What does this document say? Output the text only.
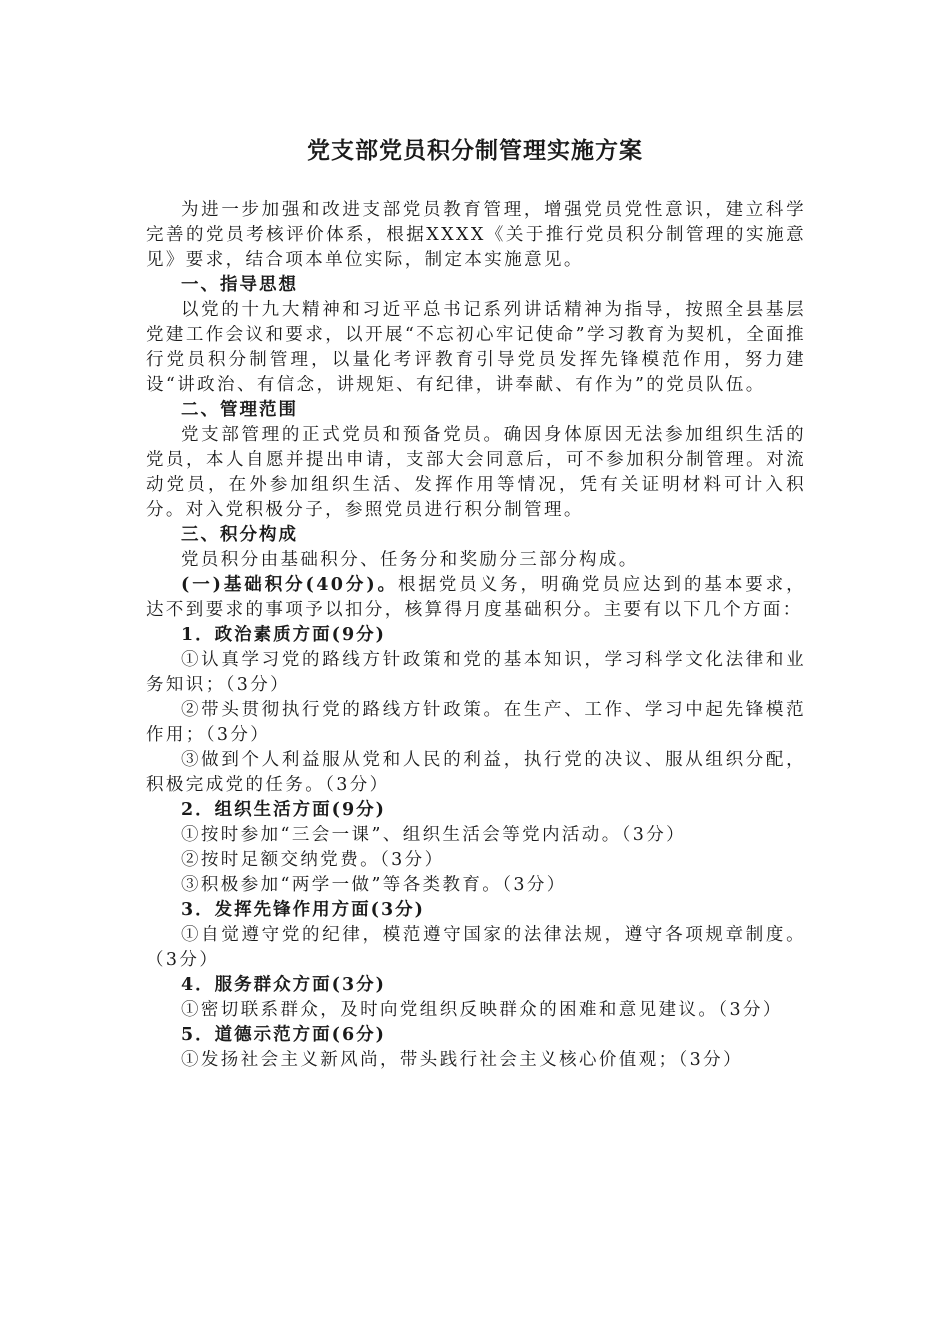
党支部党员积分制管理实施方案

为进一步加强和改进支部党员教育管理，增强党员党性意识，建立科学完善的党员考核评价体系，根据XXXX《关于推行党员积分制管理的实施意见》要求，结合项本单位实际，制定本实施意见。

一、指导思想

以党的十九大精神和习近平总书记系列讲话精神为指导，按照全县基层党建工作会议和要求，以开展“不忘初心牢记使命”学习教育为契机，全面推行党员积分制管理，以量化考评教育引导党员发挥先锋模范作用，努力建设“讲政治、有信念，讲规矩、有纪律，讲奉献、有作为”的党员队伍。

二、管理范围

党支部管理的正式党员和预备党员。确因身体原因无法参加组织生活的党员，本人自愿并提出申请，支部大会同意后，可不参加积分制管理。对流动党员，在外参加组织生活、发挥作用等情况，凭有关证明材料可计入积分。对入党积极分子，参照党员进行积分制管理。

三、积分构成

党员积分由基础积分、任务分和奖励分三部分构成。

(一)基础积分(40分)。根据党员义务，明确党员应达到的基本要求，达不到要求的事项予以扣分，核算得月度基础积分。主要有以下几个方面：

1．政治素质方面(9分)

①认真学习党的路线方针政策和党的基本知识，学习科学文化法律和业务知识；（3分）

②带头贯彻执行党的路线方针政策。在生产、工作、学习中起先锋模范作用；（3分）

③做到个人利益服从党和人民的利益，执行党的决议、服从组织分配，积极完成党的任务。（3分）

2．组织生活方面(9分)

①按时参加“三会一课”、组织生活会等党内活动。（3分）

②按时足额交纳党费。（3分）

③积极参加“两学一做”等各类教育。（3分）

3．发挥先锋作用方面(3分)

①自觉遵守党的纪律，模范遵守国家的法律法规，遵守各项规章制度。（3分）

4．服务群众方面(3分)

①密切联系群众，及时向党组织反映群众的困难和意见建议。（3分）

5．道德示范方面(6分)

①发扬社会主义新风尚，带头践行社会主义核心价值观；（3分）
